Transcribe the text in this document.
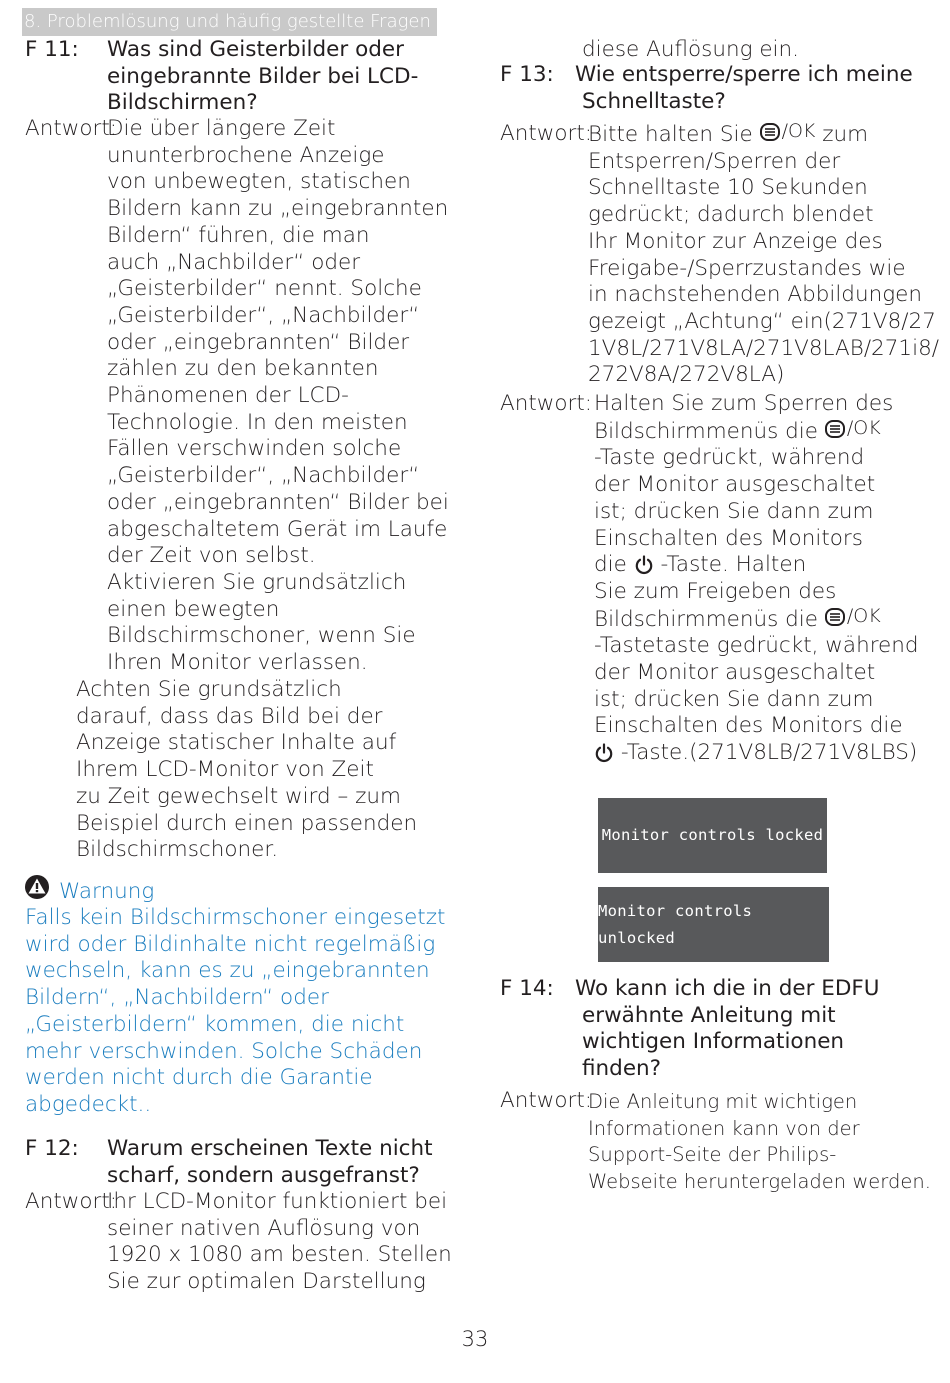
8. Problemlösung und häufig gestellte Fragen
F 11: Was sind Geisterbilder oder
eingebrannte Bilder bei LCD-
Bildschirmen?
Antwort:
Die über längere Zeit
ununterbrochene Anzeige
von unbewegten, statischen
Bildern kann zu „eingebrannten
Bildern“ führen, die man
auch „Nachbilder“ oder
„Geisterbilder“ nennt. Solche
„Geisterbilder“, „Nachbilder“
oder „eingebrannten“ Bilder
zählen zu den bekannten
Phänomenen der LCD-
Technologie. In den meisten
Fällen verschwinden solche
„Geisterbilder“, „Nachbilder“
oder „eingebrannten“ Bilder bei
abgeschaltetem Gerät im Laufe
der Zeit von selbst.
Aktivieren Sie grundsätzlich
einen bewegten
Bildschirmschoner, wenn Sie
Ihren Monitor verlassen.
Achten Sie grundsätzlich
darauf, dass das Bild bei der
Anzeige statischer Inhalte auf
Ihrem LCD-Monitor von Zeit
zu Zeit gewechselt wird – zum
Beispiel durch einen passenden
Bildschirmschoner.
Warnung
Falls kein Bildschirmschoner eingesetzt
wird oder Bildinhalte nicht regelmäßig
wechseln, kann es zu „eingebrannten
Bildern“, „Nachbildern“ oder
„Geisterbildern“ kommen, die nicht
mehr verschwinden. Solche Schäden
werden nicht durch die Garantie
abgedeckt..
F 12: Warum erscheinen Texte nicht
scharf, sondern ausgefranst?
Antwort:
Ihr LCD-Monitor funktioniert bei
seiner nativen Auflösung von
1920 x 1080 am besten. Stellen
Sie zur optimalen Darstellung
diese Auflösung ein.
F 13: Wie entsperre/sperre ich meine
Schnelltaste?
Antwort:
Bitte halten Sie /OK zum
Entsperren/Sperren der
Schnelltaste 10 Sekunden
gedrückt; dadurch blendet
Ihr Monitor zur Anzeige des
Freigabe-/Sperrzustandes wie
in nachstehenden Abbildungen
gezeigt „Achtung“ ein(271V8/27
1V8L/271V8LA/271V8LAB/271i8/
272V8A/272V8LA)
Antwort: Halten Sie zum Sperren des
Bildschirmmenüs die /OK
-Taste gedrückt, während
der Monitor ausgeschaltet
ist; drücken Sie dann zum
Einschalten des Monitors
die -Taste. Halten
Sie zum Freigeben des
Bildschirmmenüs die /OK
-Tastetaste gedrückt, während
der Monitor ausgeschaltet
ist; drücken Sie dann zum
Einschalten des Monitors die
-Taste.(271V8LB/271V8LBS)
Monitor controls locked
Monitor controls unlocked
F 14: Wo kann ich die in der EDFU
erwähnte Anleitung mit
wichtigen Informationen
finden?
Antwort:
Die Anleitung mit wichtigen
Informationen kann von der
Support-Seite der Philips-
Webseite heruntergeladen werden.
33
